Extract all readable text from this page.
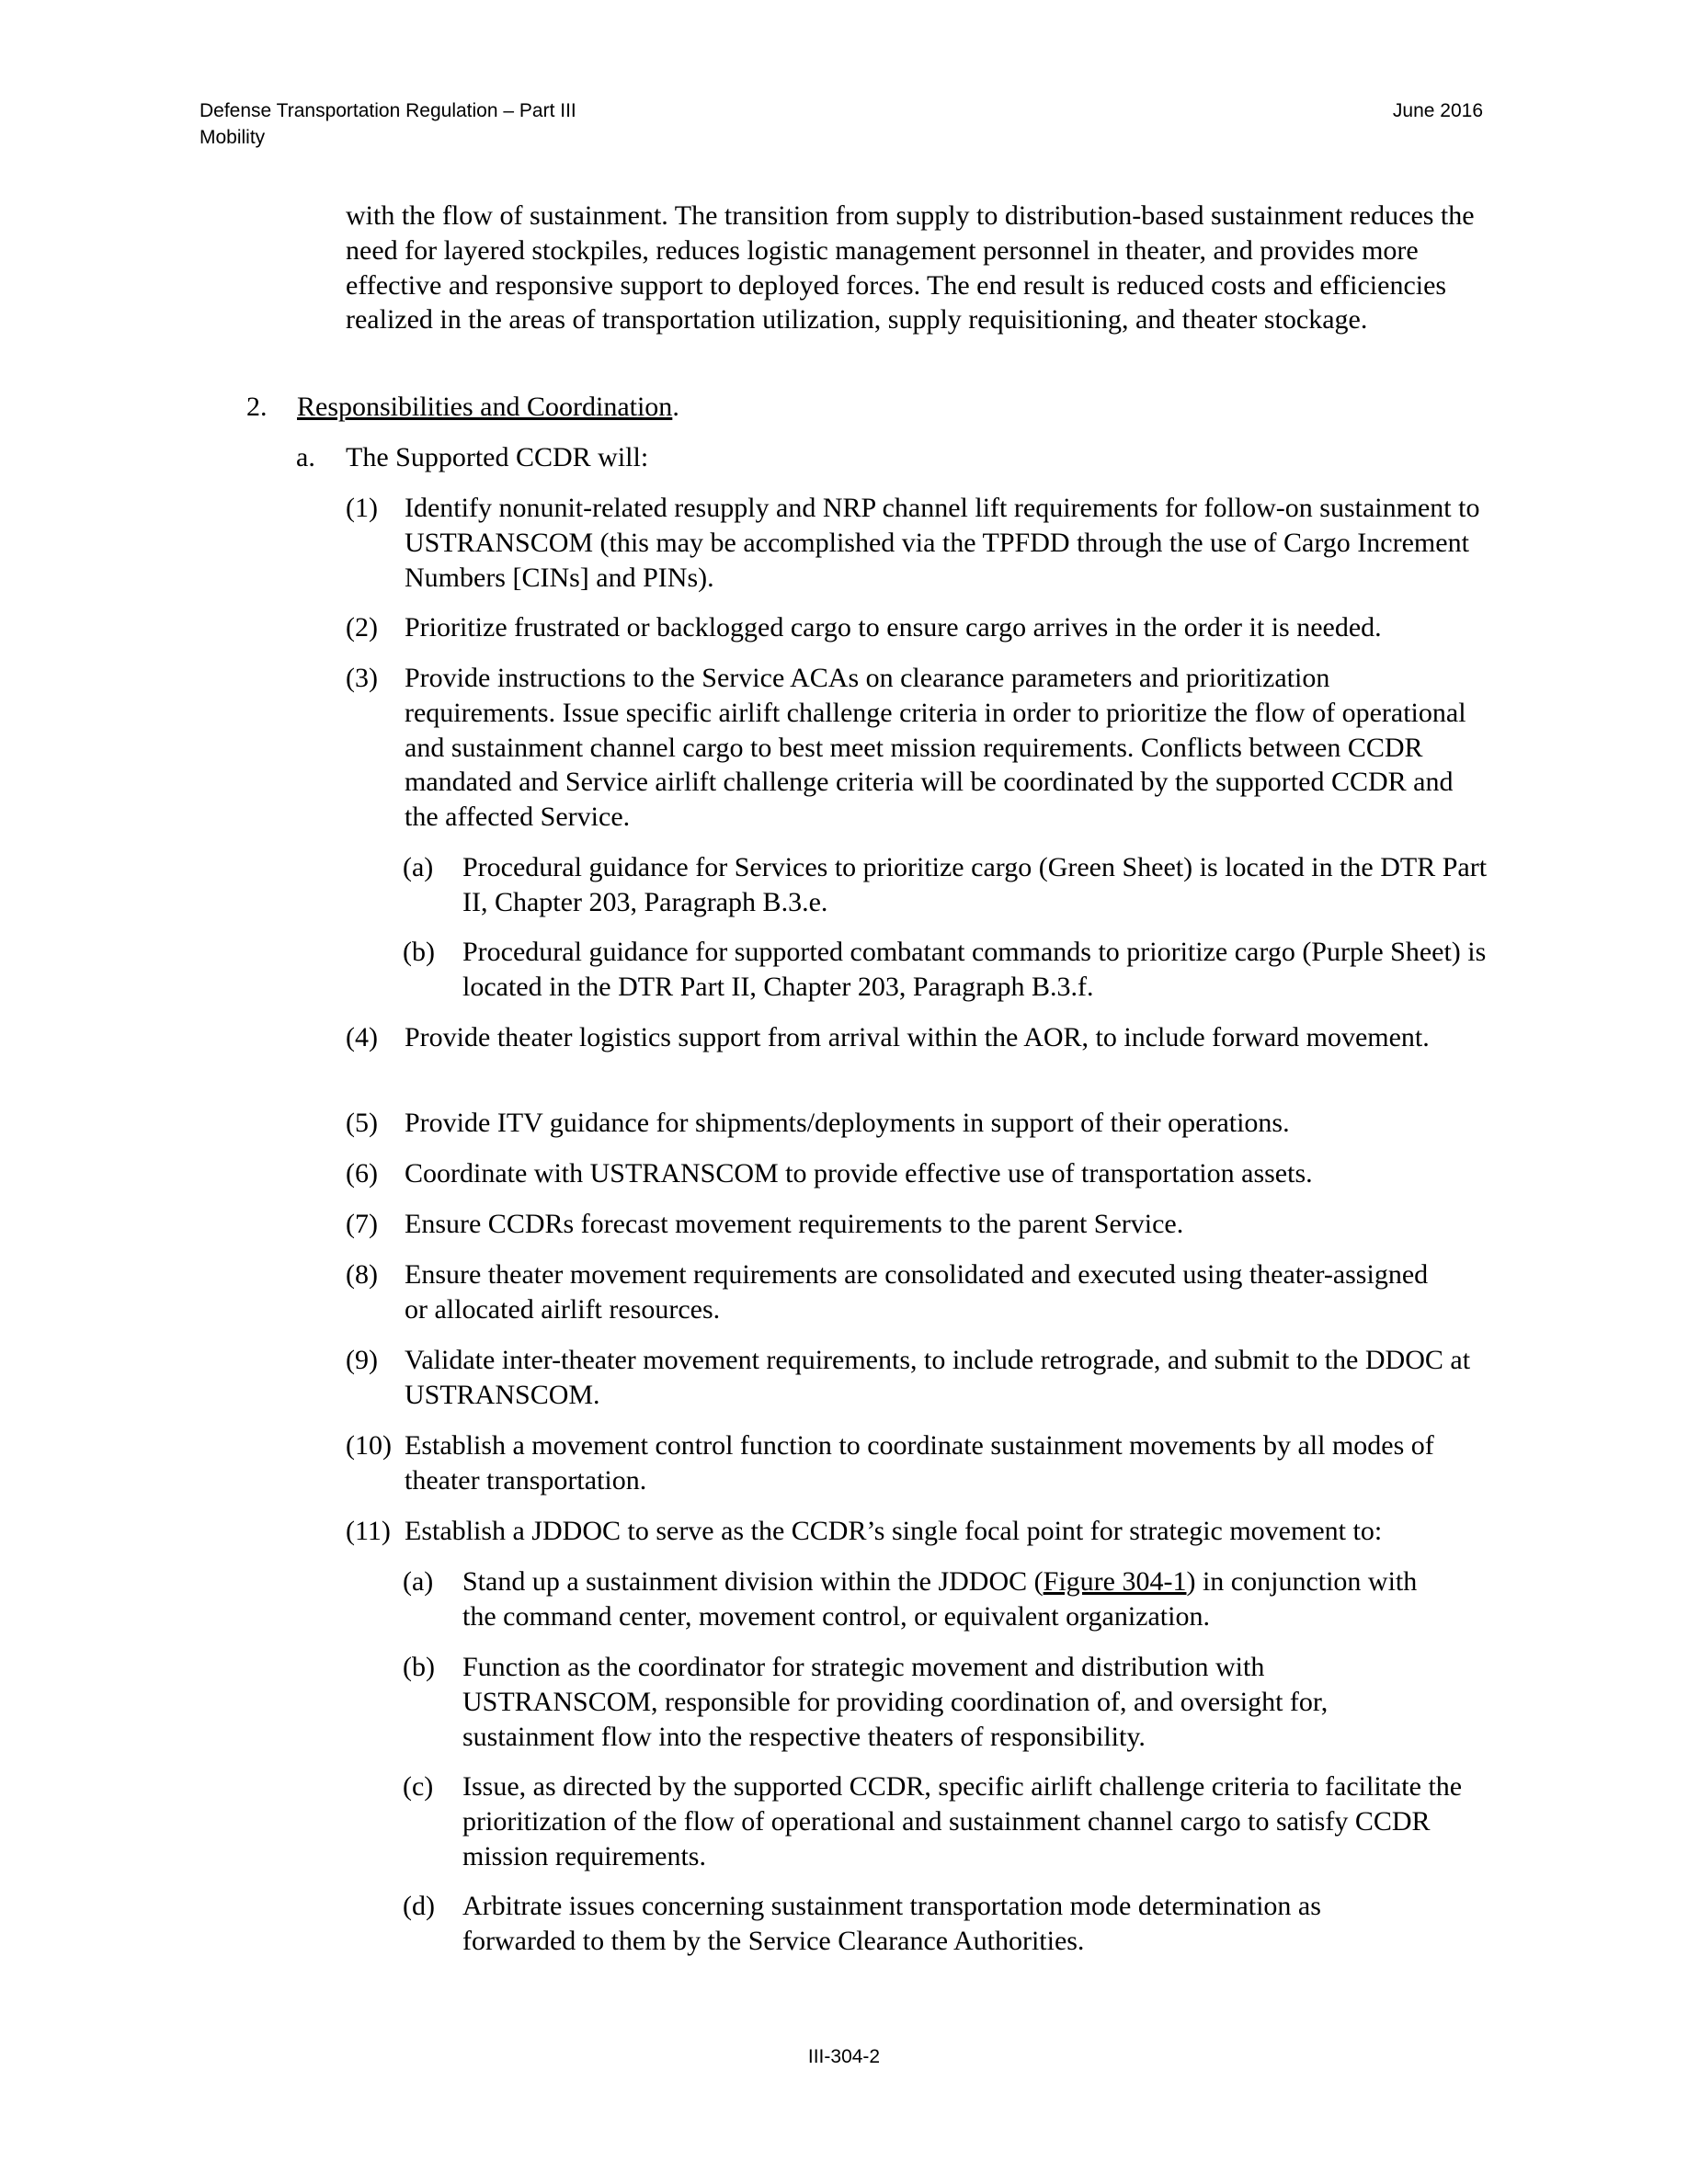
Defense Transportation Regulation – Part III
Mobility
June 2016
with the flow of sustainment. The transition from supply to distribution-based sustainment reduces the need for layered stockpiles, reduces logistic management personnel in theater, and provides more effective and responsive support to deployed forces. The end result is reduced costs and efficiencies realized in the areas of transportation utilization, supply requisitioning, and theater stockage.
2. Responsibilities and Coordination.
a. The Supported CCDR will:
(1) Identify nonunit-related resupply and NRP channel lift requirements for follow-on sustainment to USTRANSCOM (this may be accomplished via the TPFDD through the use of Cargo Increment Numbers [CINs] and PINs).
(2) Prioritize frustrated or backlogged cargo to ensure cargo arrives in the order it is needed.
(3) Provide instructions to the Service ACAs on clearance parameters and prioritization requirements. Issue specific airlift challenge criteria in order to prioritize the flow of operational and sustainment channel cargo to best meet mission requirements. Conflicts between CCDR mandated and Service airlift challenge criteria will be coordinated by the supported CCDR and the affected Service.
(a) Procedural guidance for Services to prioritize cargo (Green Sheet) is located in the DTR Part II, Chapter 203, Paragraph B.3.e.
(b) Procedural guidance for supported combatant commands to prioritize cargo (Purple Sheet) is located in the DTR Part II, Chapter 203, Paragraph B.3.f.
(4) Provide theater logistics support from arrival within the AOR, to include forward movement.
(5) Provide ITV guidance for shipments/deployments in support of their operations.
(6) Coordinate with USTRANSCOM to provide effective use of transportation assets.
(7) Ensure CCDRs forecast movement requirements to the parent Service.
(8) Ensure theater movement requirements are consolidated and executed using theater-assigned or allocated airlift resources.
(9) Validate inter-theater movement requirements, to include retrograde, and submit to the DDOC at USTRANSCOM.
(10) Establish a movement control function to coordinate sustainment movements by all modes of theater transportation.
(11) Establish a JDDOC to serve as the CCDR’s single focal point for strategic movement to:
(a) Stand up a sustainment division within the JDDOC (Figure 304-1) in conjunction with the command center, movement control, or equivalent organization.
(b) Function as the coordinator for strategic movement and distribution with USTRANSCOM, responsible for providing coordination of, and oversight for, sustainment flow into the respective theaters of responsibility.
(c) Issue, as directed by the supported CCDR, specific airlift challenge criteria to facilitate the prioritization of the flow of operational and sustainment channel cargo to satisfy CCDR mission requirements.
(d) Arbitrate issues concerning sustainment transportation mode determination as forwarded to them by the Service Clearance Authorities.
III-304-2
